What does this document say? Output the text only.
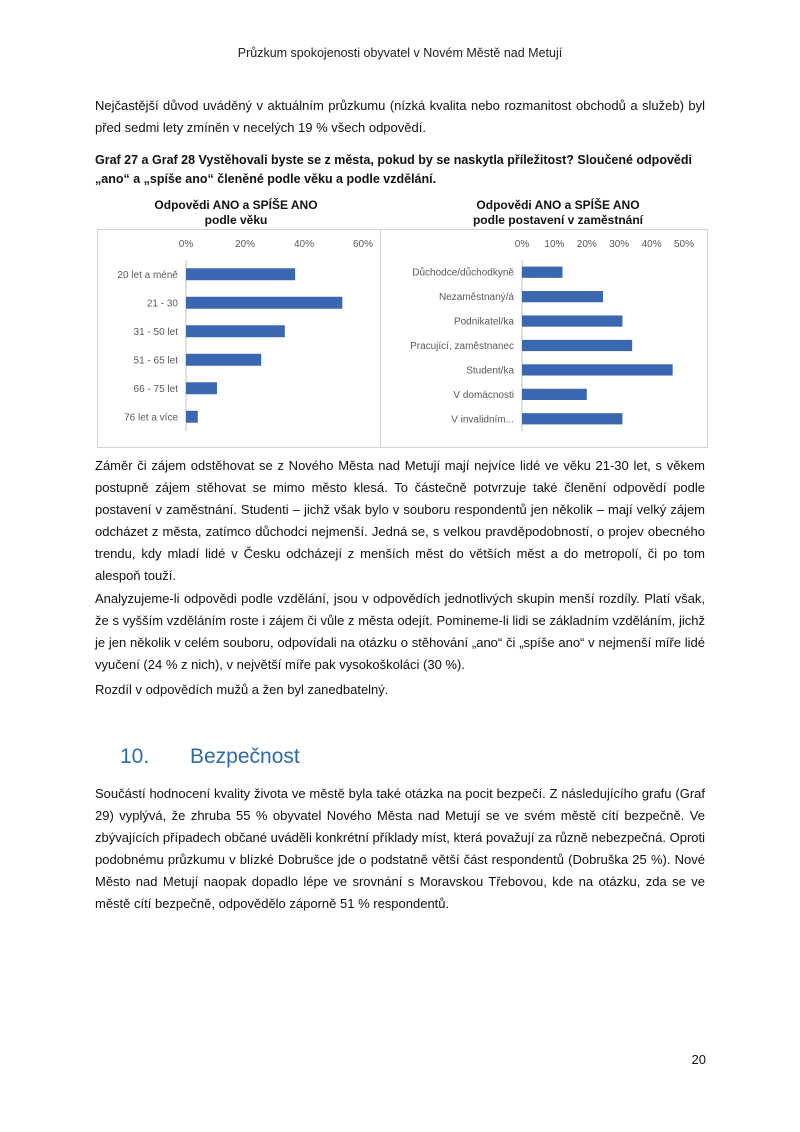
Průzkum spokojenosti obyvatel v Novém Městě nad Metují

Nejčastější důvod uváděný v aktuálním průzkumu (nízká kvalita nebo rozmanitost obchodů a služeb) byl před sedmi lety zmíněn v necelých 19 % všech odpovědí.

Graf 27 a Graf 28 Vystěhovali byste se z města, pokud by se naskytla příležitost? Sloučené odpovědi „ano“ a „spíše ano“ členěné podle věku a podle vzdělání.

Odpovědi ANO a SPÍŠE ANO
podle věku
0%	20%	40%	60%
20 let a méně
21 - 30
31 - 50 let
51 - 65 let
66 - 75 let
76 let a více
Odpovědi ANO a SPÍŠE ANO
podle postavení v zaměstnání
0% 10% 20% 30% 40% 50%
Důchodce/důchodkyně
Nezaměstnaný/á
Podnikatel/ka
Pracující, zaměstnanec
Student/ka
V domácnosti
V invalidním...

Záměr či zájem odstěhovat se z Nového Města nad Metují mají nejvíce lidé ve věku 21-30 let, s věkem postupně zájem stěhovat se mimo město klesá. To částečně potvrzuje také členění odpovědí podle postavení v zaměstnání. Studenti – jichž však bylo v souboru respondentů jen několik – mají velký zájem odcházet z města, zatímco důchodci nejmenší. Jedná se, s velkou pravděpodobností, o projev obecného trendu, kdy mladí lidé v Česku odcházejí z menších měst do větších měst a do metropolí, či po tom alespoň touží.

Analyzujeme-li odpovědi podle vzdělání, jsou v odpovědích jednotlivých skupin menší rozdíly. Platí však, že s vyšším vzděláním roste i zájem či vůle z města odejít. Pomineme-li lidi se základním vzděláním, jichž je jen několik v celém souboru, odpovídali na otázku o stěhování „ano“ či „spíše ano“ v nejmenší míře lidé vyučení (24 % z nich), v největší míře pak vysokoškoláci (30 %).

Rozdíl v odpovědích mužů a žen byl zanedbatelný.

10. Bezpečnost

Součástí hodnocení kvality života ve městě byla také otázka na pocit bezpečí. Z následujícího grafu (Graf 29) vyplývá, že zhruba 55 % obyvatel Nového Města nad Metují se ve svém městě cítí bezpečně. Ve zbývajících případech občané uváděli konkrétní příklady míst, která považují za různě nebezpečná. Oproti podobnému průzkumu v blízké Dobrušce jde o podstatně větší část respondentů (Dobruška 25 %). Nové Město nad Metují naopak dopadlo lépe ve srovnání s Moravskou Třebovou, kde na otázku, zda se ve městě cítí bezpečně, odpovědělo záporně 51 % respondentů.

20
